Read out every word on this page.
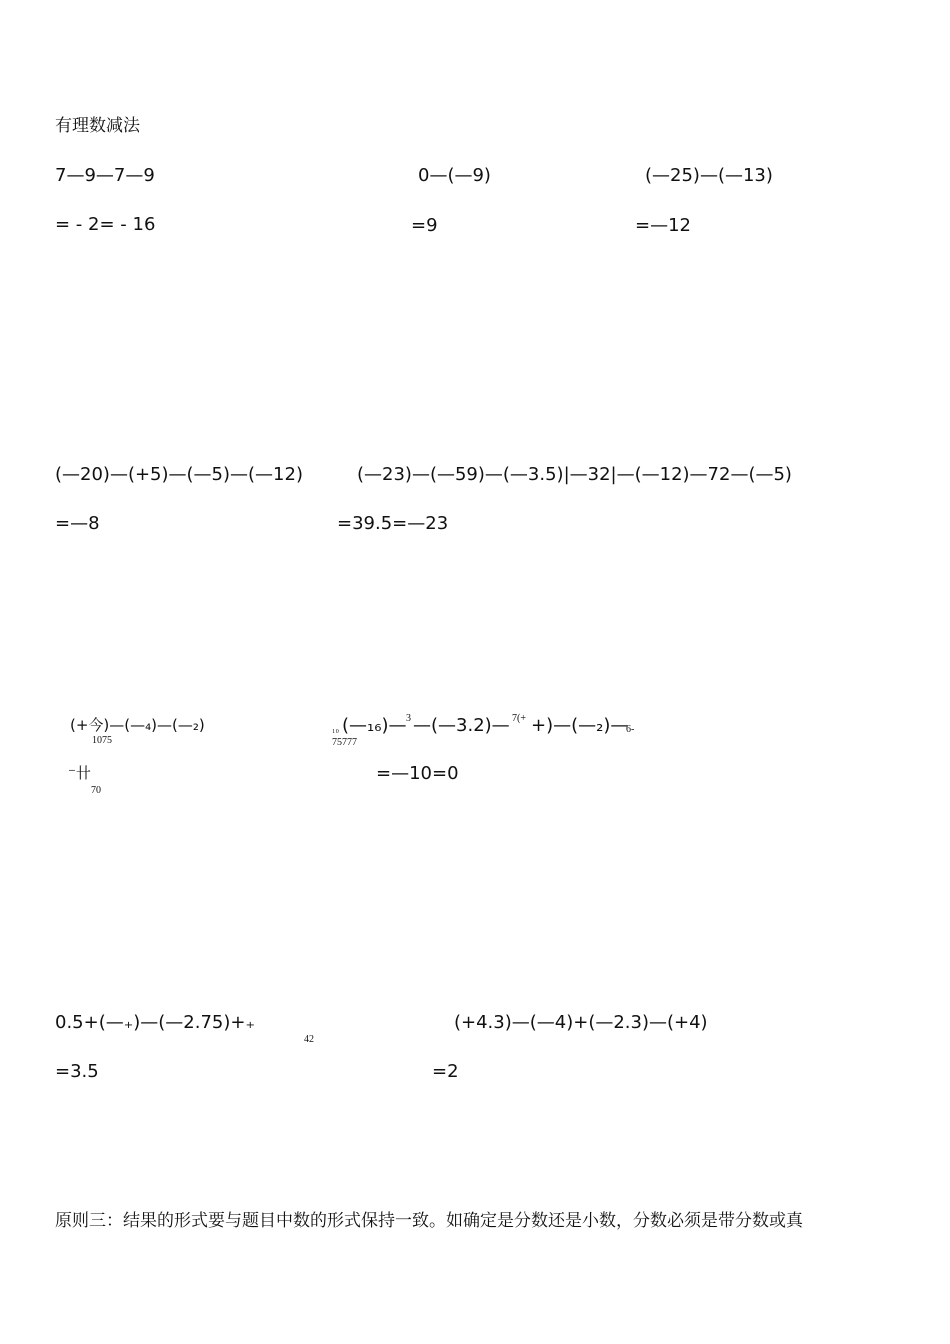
有理数减法
7—9—7—9
= - 2= - 16
0—(—9)
=9
(—25)—(—13)
=—12
(—20)—(+5)—(—5)—(—12)
=—8
(—23)—(—59)—(—3.5)|—32|—(—12)—72—(—5)
=39.5=—23
(+今)—(—₄)—(—₂)
1075
⁻卄
70
₁₀ (—₁₆)— 3 —(—3.2)— 7(+ +)—(—₂)—
6-
75777
=—10=0
0.5+(—₊)—(—2.75)+₊
42
=3.5
(+4.3)—(—4)+(—2.3)—(+4)
=2
原则三：结果的形式要与题目中数的形式保持一致。如确定是分数还是小数，分数必须是带分数或真
